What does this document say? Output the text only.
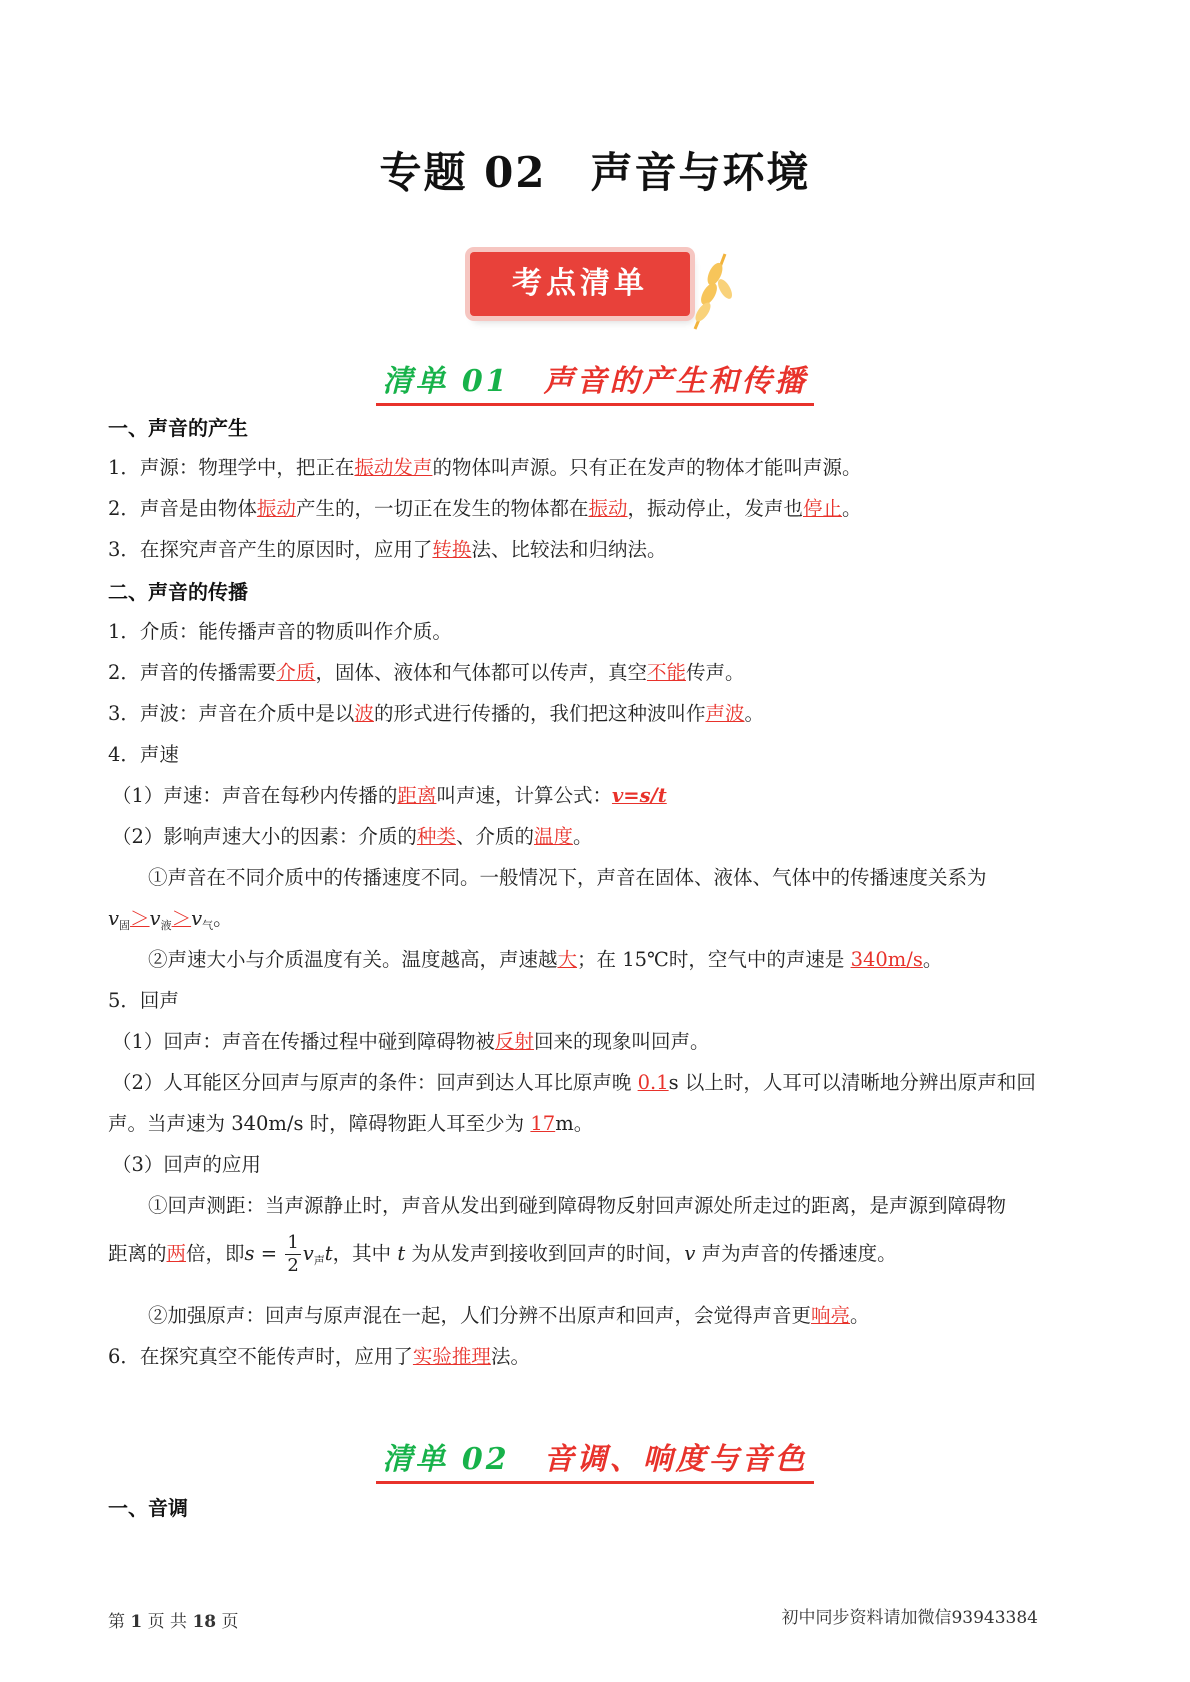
专题 02　声音与环境
考点清单
清单 01 声音的产生和传播
一、声音的产生
1．声源：物理学中，把正在振动发声的物体叫声源。只有正在发声的物体才能叫声源。
2．声音是由物体振动产生的，一切正在发生的物体都在振动，振动停止，发声也停止。
3．在探究声音产生的原因时，应用了转换法、比较法和归纳法。
二、声音的传播
1．介质：能传播声音的物质叫作介质。
2．声音的传播需要介质，固体、液体和气体都可以传声，真空不能传声。
3．声波：声音在介质中是以波的形式进行传播的，我们把这种波叫作声波。
4．声速
（1）声速：声音在每秒内传播的距离叫声速，计算公式：v=s/t
（2）影响声速大小的因素：介质的种类、介质的温度。
①声音在不同介质中的传播速度不同。一般情况下，声音在固体、液体、气体中的传播速度关系为
$v_固>v_液>v_气$。
②声速大小与介质温度有关。温度越高，声速越大；在 15℃时，空气中的声速是 340m/s。
5．回声
（1）回声：声音在传播过程中碰到障碍物被反射回来的现象叫回声。
（2）人耳能区分回声与原声的条件：回声到达人耳比原声晚 0.1s 以上时，人耳可以清晰地分辨出原声和回
声。当声速为 340m/s 时，障碍物距人耳至少为 17m。
（3）回声的应用
①回声测距：当声源静止时，声音从发出到碰到障碍物反射回声源处所走过的距离，是声源到障碍物
距离的两倍，即$s = \frac{1}{2} v_声t$，其中 t 为从发声到接收到回声的时间，v 声为声音的传播速度。
②加强原声：回声与原声混在一起，人们分辨不出原声和回声，会觉得声音更响亮。
6．在探究真空不能传声时，应用了实验推理法。
清单 02 音调、响度与音色
一、音调
第 1 页 共 18 页	初中同步资料请加微信93943384
